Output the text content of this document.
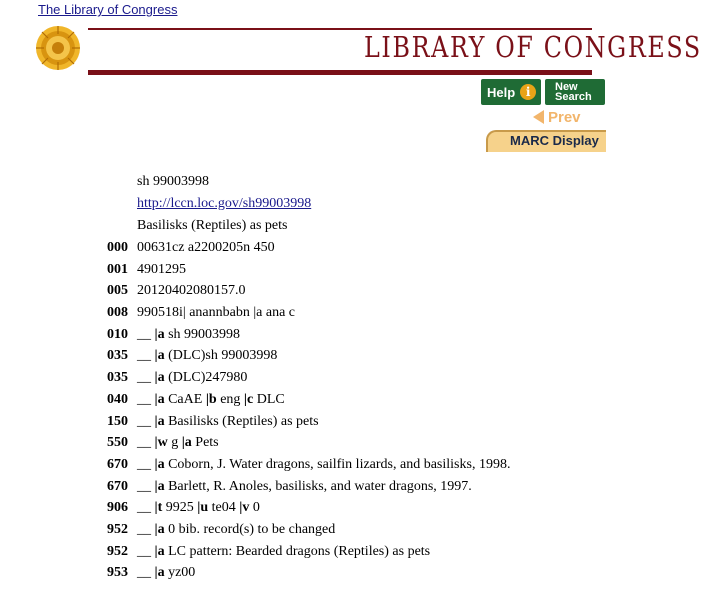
The Library of Congress
LIBRARY OF CONGRESS
Help i	New
Search
Prev
MARC Display
sh 99003998
http://lccn.loc.gov/sh99003998
Basilisks (Reptiles) as pets
000 00631cz a2200205n 450
001 4901295
005 20120402080157.0
008 990518i| anannbabn |a ana c
010 __ |a sh 99003998
035 __ |a (DLC)sh 99003998
035 __ |a (DLC)247980
040 __ |a CaAE |b eng |c DLC
150 __ |a Basilisks (Reptiles) as pets
550 __ |w g |a Pets
670 __ |a Coborn, J. Water dragons, sailfin lizards, and basilisks, 1998.
670 __ |a Barlett, R. Anoles, basilisks, and water dragons, 1997.
906 __ |t 9925 |u te04 |v 0
952 __ |a 0 bib. record(s) to be changed
952 __ |a LC pattern: Bearded dragons (Reptiles) as pets
953 __ |a yz00
